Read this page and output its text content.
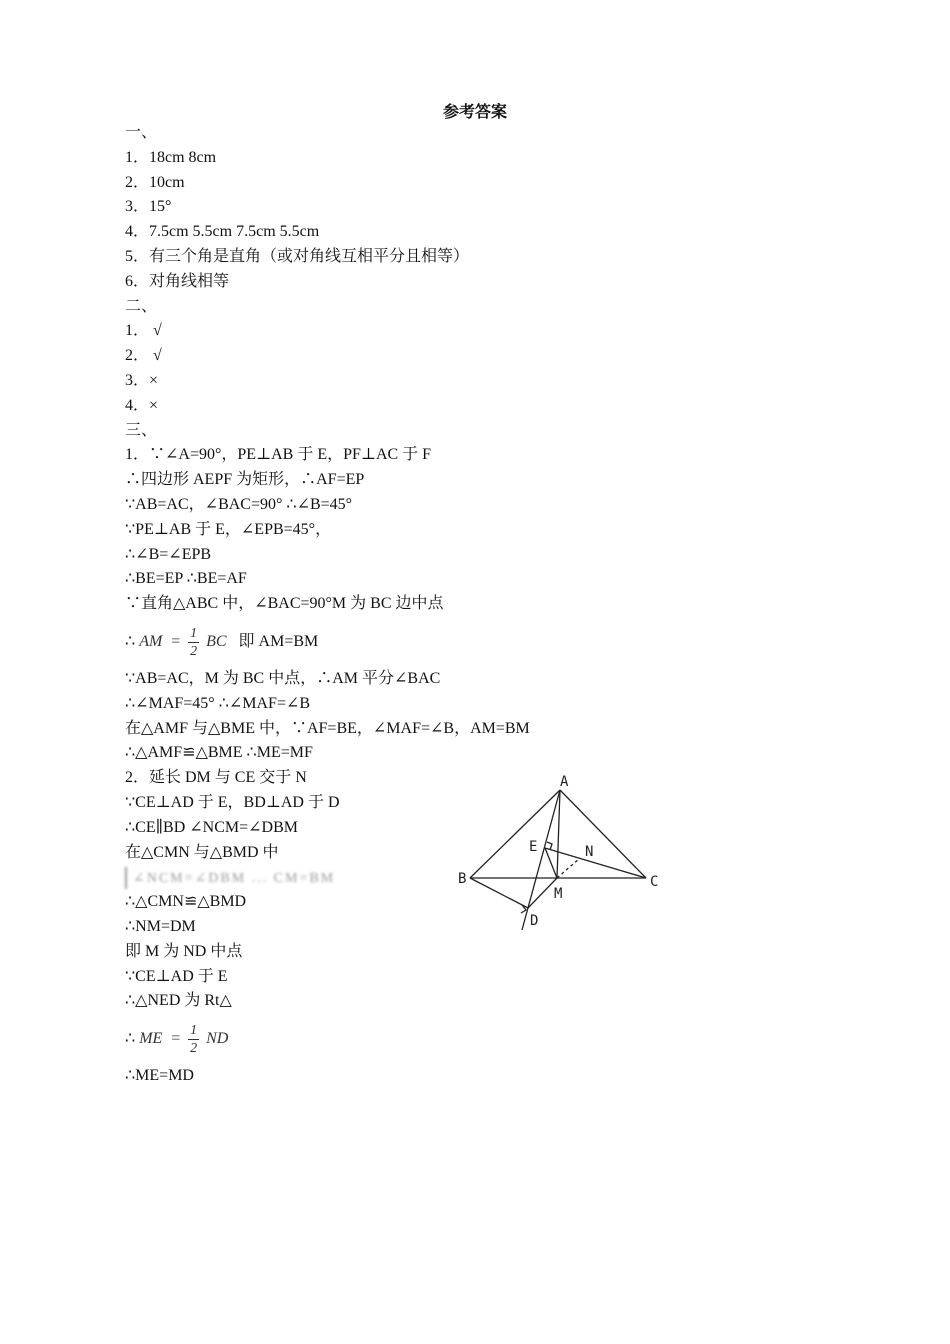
参考答案
一、
1．18cm 8cm
2．10cm
3．15°
4．7.5cm 5.5cm 7.5cm 5.5cm
5．有三个角是直角（或对角线互相平分且相等）
6．对角线相等
二、
1． √
2． √
3．×
4．×
三、
1．∵∠A=90°，PE⊥AB 于 E，PF⊥AC 于 F
∴四边形 AEPF 为矩形，∴AF=EP
∵AB=AC，∠BAC=90° ∴∠B=45°
∵PE⊥AB 于 E，∠EPB=45°，
∴∠B=∠EPB
∴BE=EP ∴BE=AF
∵直角△ABC 中，∠BAC=90°M 为 BC 边中点
∴ AM = $\frac{1}{2}$ BC 即 AM=BM
∵AB=AC，M 为 BC 中点，∴AM 平分∠BAC
∴∠MAF=45° ∴∠MAF=∠B
在△AMF 与△BME 中，∵AF=BE，∠MAF=∠B，AM=BM
∴△AMF≌△BME ∴ME=MF
2．延长 DM 与 CE 交于 N
∵CE⊥AD 于 E，BD⊥AD 于 D
∴CE∥BD ∠NCM=∠DBM
在△CMN 与△BMD 中
∠NCM=∠DBM ... CM=BM
∴△CMN≌△BMD
∴NM=DM
即 M 为 ND 中点
∵CE⊥AD 于 E
∴△NED 为 Rt△
∴ ME = $\frac{1}{2}$ ND
∴ME=MD
A
B	C
D
E
M
N
